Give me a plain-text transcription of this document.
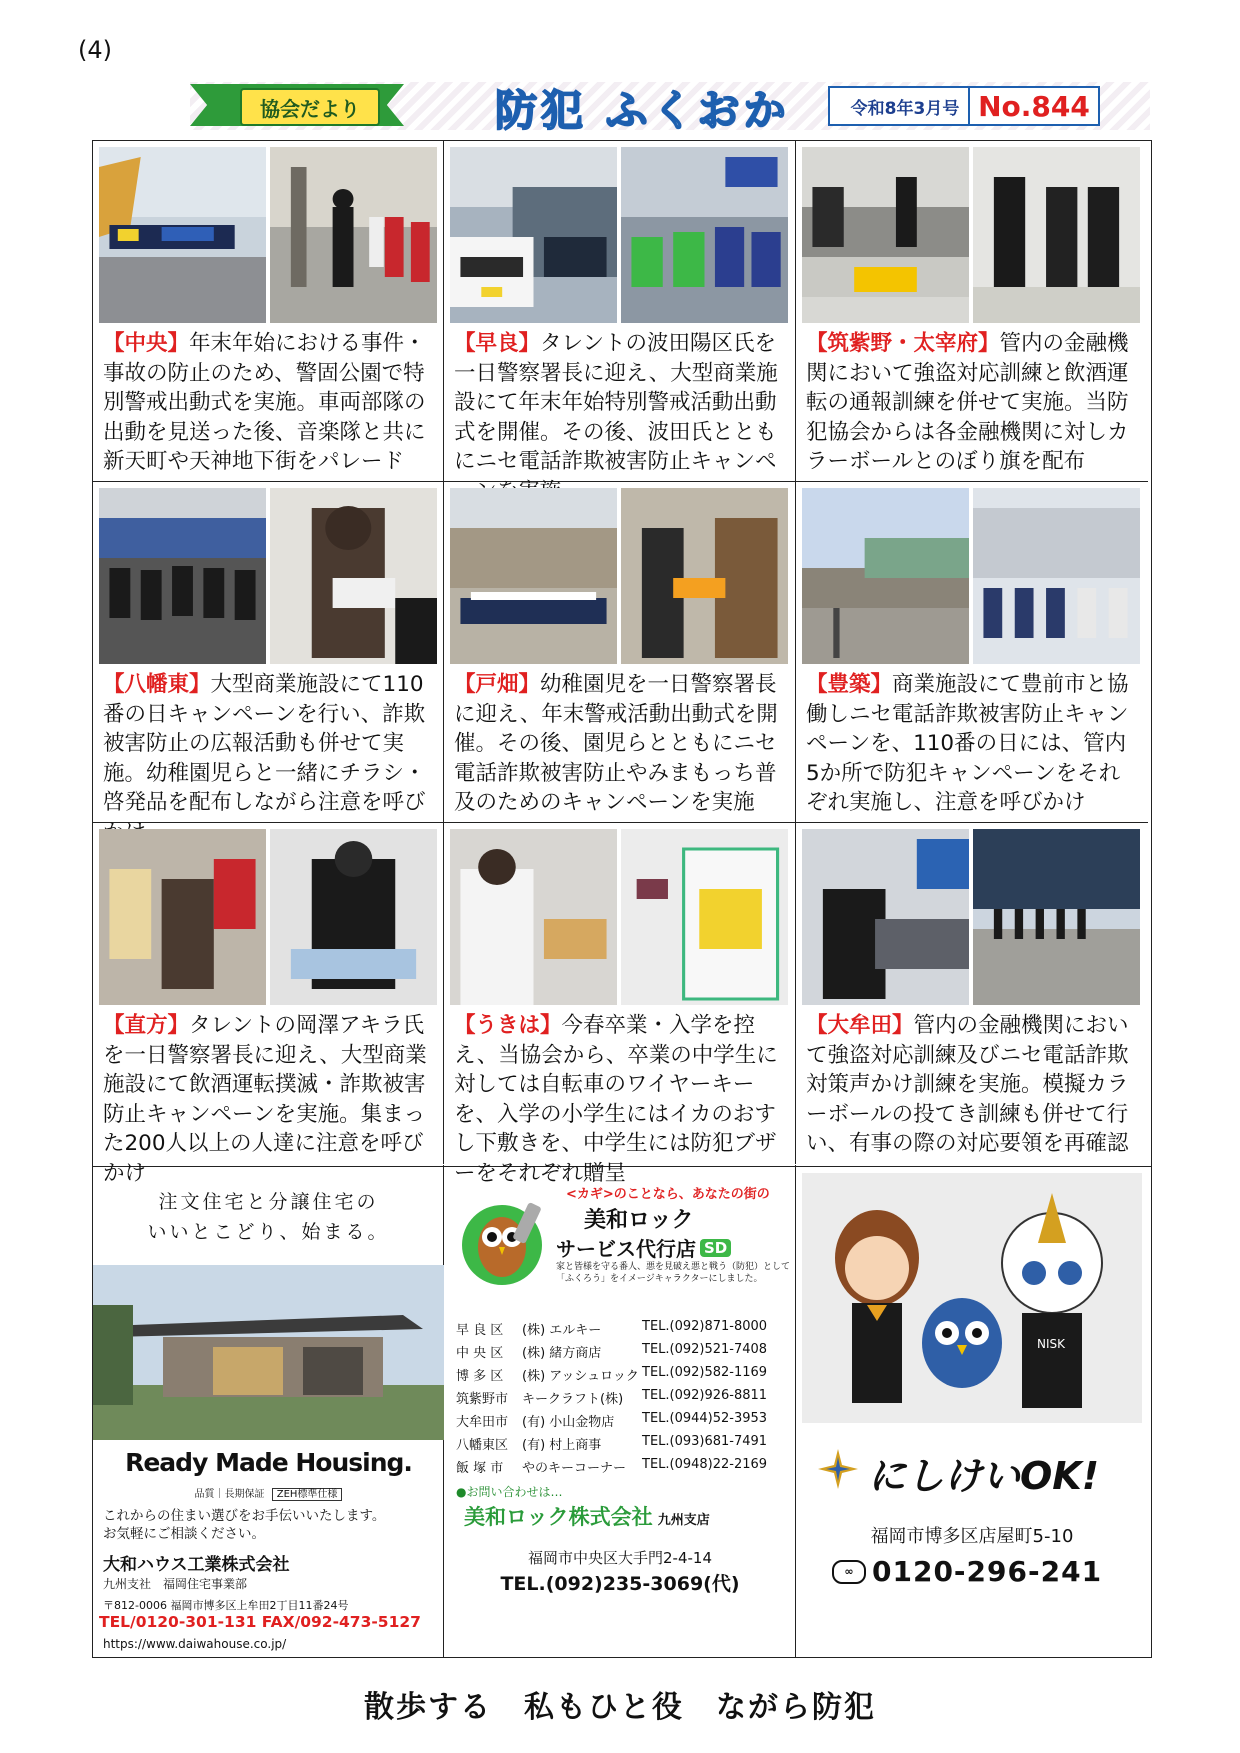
(4)
協会だより	防犯 ふくおか	令和8年3月号 No.844
【中央】年末年始における事件・事故の防止のため、警固公園で特別警戒出動式を実施。車両部隊の出動を見送った後、音楽隊と共に新天町や天神地下街をパレード
【早良】タレントの波田陽区氏を一日警察署長に迎え、大型商業施設にて年末年始特別警戒活動出動式を開催。その後、波田氏とともにニセ電話詐欺被害防止キャンペ
【筑紫野・太宰府】管内の金融機関において強盗対応訓練と飲酒運転の通報訓練を併せて実施。当防犯協会からは各金融機関に対しカラーボールとのぼり旗を配布
【八幡東】大型商業施設にて110番の日キャンペーンを行い、詐欺被害防止の広報活動も併せて実施。幼稚園児らと一緒にチラシ・啓発品を配布しながら注意を呼び
【戸畑】幼稚園児を一日警察署長に迎え、年末警戒活動出動式を開催。その後、園児らとともにニセ電話詐欺被害防止やみまもっち普及のためのキャンペーンを実施
【豊築】商業施設にて豊前市と協働しニセ電話詐欺被害防止キャンペーンを、110番の日には、管内5か所で防犯キャンペーンをそれぞれ実施し、注意を呼びかけ
【直方】タレントの岡澤アキラ氏を一日警察署長に迎え、大型商業施設にて飲酒運転撲滅・詐欺被害防止キャンペーンを実施。集まった200人以上の人達に注意を呼びかけ
【うきは】今春卒業・入学を控え、当協会から、卒業の中学生に対しては自転車のワイヤーキーを、入学の小学生にはイカのおすし下敷きを、中学生には防犯ブザーをそれぞれ贈呈
【大牟田】管内の金融機関において強盗対応訓練及びニセ電話詐欺対策声かけ訓練を実施。模擬カラーボールの投てき訓練も併せて行い、有事の際の対応要領を再確認
注文住宅と分譲住宅の
いいとこどり、始まる。
Ready Made Housing.
品質｜長期保証 ZEH標準仕様
これからの住まい選びをお手伝いいたします。
お気軽にご相談ください。
大和ハウス工業株式会社
九州支社　福岡住宅事業部
〒812-0006 福岡市博多区上牟田2丁目11番24号
TEL/0120-301-131 FAX/092-473-5127
https://www.daiwahouse.co.jp/
<カギ>のことなら、あなたの街の
美和ロック
サービス代行店 SD
家と皆様を守る番人、悪を見破え悪と戦う（防犯）として
「ふくろう」をイメージキャラクターにしました。
早 良 区 (株) エルキー	TEL.(092)871-8000
中 央 区 (株) 緒方商店	TEL.(092)521-7408
博 多 区 (株) アッシュロック TEL.(092)582-1169
筑紫野市 キークラフト(株) TEL.(092)926-8811
大牟田市 (有) 小山金物店 TEL.(0944)52-3953
八幡東区 (有) 村上商事	TEL.(093)681-7491
飯 塚 市 やのキーコーナー TEL.(0948)22-2169
●お問い合わせは…
美和ロック株式会社 九州支店
福岡市中央区大手門2-4-14
TEL.(092)235-3069(代)
NISK
にしけいOK!
福岡市博多区店屋町5-10
∞ 0120-296-241
散歩する　私もひと役　ながら防犯
